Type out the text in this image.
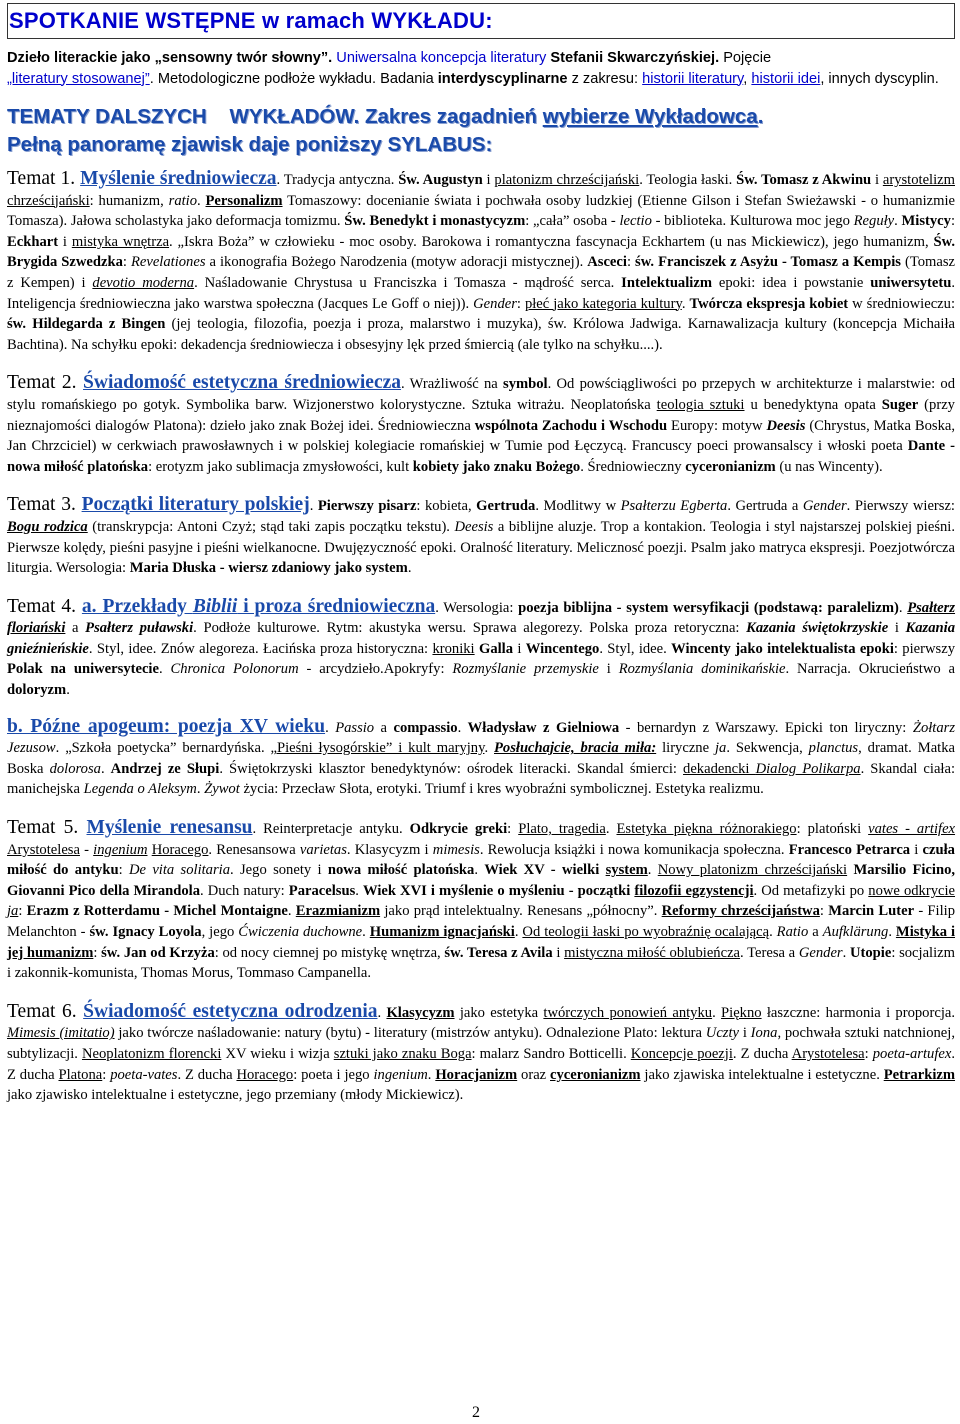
SPOTKANIE WSTĘPNE w ramach WYKŁADU:
Dzieło literackie jako „sensowny twór słowny”. Uniwersalna koncepcja literatury Stefanii Skwarczyńskiej. Pojęcie
„literatury stosowanej”. Metodologiczne podłoże wykładu. Badania interdyscyplinarne z zakresu: historii literatury, historii idei, innych dyscyplin.
TEMATY DALSZYCH    WYKŁADÓW. Zakres zagadnień wybierze Wykładowca.
Pełną panoramę zjawisk daje poniższy SYLABUS:
Temat 1. Myślenie średniowiecza. Tradycja antyczna. Św. Augustyn i platonizm chrześcijański. Teologia łaski. Św. Tomasz z Akwinu i arystotelizm chrześcijański: humanizm, ratio. Personalizm Tomaszowy: docenianie świata i pochwała osoby ludzkiej (Etienne Gilson i Stefan Swieżawski - o humanizmie Tomasza). Jałowa scholastyka jako deformacja tomizmu. Św. Benedykt i monastycyzm: „cała” osoba - lectio - biblioteka. Kulturowa moc jego Reguły. Mistycy: Eckhart i mistyka wnętrza. „Iskra Boża” w człowieku - moc osoby. Barokowa i romantyczna fascynacja Eckhartem (u nas Mickiewicz), jego humanizm, Św. Brygida Szwedzka: Revelationes a ikonografia Bożego Narodzenia (motyw adoracji mistycznej). Asceci: św. Franciszek z Asyżu - Tomasz a Kempis (Tomasz z Kempen) i devotio moderna. Naśladowanie Chrystusa u Franciszka i Tomasza - mądrość serca. Intelektualizm epoki: idea i powstanie uniwersytetu. Inteligencja średniowieczna jako warstwa społeczna (Jacques Le Goff o niej)). Gender: płeć jako kategoria kultury. Twórcza ekspresja kobiet w średniowieczu: św. Hildegarda z Bingen (jej teologia, filozofia, poezja i proza, malarstwo i muzyka), św. Królowa Jadwiga. Karnawalizacja kultury (koncepcja Michaiła Bachtina). Na schyłku epoki: dekadencja średniowiecza i obsesyjny lęk przed śmiercią (ale tylko na schyłku....).
Temat 2. Świadomość estetyczna średniowiecza. Wrażliwość na symbol. Od powściągliwości po przepych w architekturze i malarstwie: od stylu romańskiego po gotyk. Symbolika barw. Wizjonerstwo kolorystyczne. Sztuka witrażu. Neoplatońska teologia sztuki u benedyktyna opata Suger (przy nieznajomości dialogów Platona): dzieło jako znak Bożej idei. Średniowieczna wspólnota Zachodu i Wschodu Europy: motyw Deesis (Chrystus, Matka Boska, Jan Chrzciciel) w cerkwiach prawosławnych i w polskiej kolegiacie romańskiej w Tumie pod Łęczycą. Francuscy poeci prowansalscy i włoski poeta Dante - nowa miłość platońska: erotyzm jako sublimacja zmysłowości, kult kobiety jako znaku Bożego. Średniowieczny cyceronianizm (u nas Wincenty).
Temat 3. Początki literatury polskiej. Pierwszy pisarz: kobieta, Gertruda. Modlitwy w Psałterzu Egberta. Gertruda a Gender. Pierwszy wiersz: Bogu rodzica (transkrypcja: Antoni Czyż; stąd taki zapis początku tekstu). Deesis a biblijne aluzje. Trop a kontakion. Teologia i styl najstarszej polskiej pieśni. Pierwsze kolędy, pieśni pasyjne i pieśni wielkanocne. Dwujęzyczność epoki. Oralność literatury. Melicznosć poezji. Psalm jako matryca ekspresji. Poezjotwórcza liturgia. Wersologia: Maria Dłuska - wiersz zdaniowy jako system.
Temat 4. a. Przekłady Biblii i proza średniowieczna. Wersologia: poezja biblijna - system wersyfikacji (podstawą: paralelizm). Psałterz floriański a Psałterz puławski. Podłoże kulturowe. Rytm: akustyka wersu. Sprawa alegorezy. Polska proza retoryczna: Kazania świętokrzyskie i Kazania gnieźnieńskie. Styl, idee. Znów alegoreza. Łacińska proza historyczna: kroniki Galla i Wincentego. Styl, idee. Wincenty jako intelektualista epoki: pierwszy Polak na uniwersytecie. Chronica Polonorum - arcydzieło.Apokryfy: Rozmyślanie przemyskie i Rozmyślania dominikańskie. Narracja. Okrucieństwo a doloryzm.
b. Późne apogeum: poezja XV wieku. Passio a compassio. Władysław z Gielniowa - bernardyn z Warszawy. Epicki ton liryczny: Żołtarz Jezusow. „Szkoła poetycka” bernardyńska. „Pieśni łysogórskie” i kult maryjny. Posłuchajcie, bracia miła: liryczne ja. Sekwencja, planctus, dramat. Matka Boska dolorosa. Andrzej ze Słupi. Świętokrzyski klasztor benedyktynów: ośrodek literacki. Skandal śmierci: dekadencki Dialog Polikarpa. Skandal ciała: manichejska Legenda o Aleksym. Żywot życia: Przecław Słota, erotyki. Triumf i kres wyobraźni symbolicznej. Estetyka realizmu.
Temat 5. Myślenie renesansu. Reinterpretacje antyku. Odkrycie greki: Plato, tragedia. Estetyka piękna różnorakiego: platoński vates - artifex Arystotelesa - ingenium Horacego. Renesansowa varietas. Klasycyzm i mimesis. Rewolucja książki i nowa komunikacja społeczna. Francesco Petrarca i czuła miłość do antyku: De vita solitaria. Jego sonety i nowa miłość platońska. Wiek XV - wielki system. Nowy platonizm chrześcijański Marsilio Ficino, Giovanni Pico della Mirandola. Duch natury: Paracelsus. Wiek XVI i myślenie o myśleniu - początki filozofii egzystencji. Od metafizyki po nowe odkrycie ja: Erazm z Rotterdamu - Michel Montaigne. Erazmianizm jako prąd intelektualny. Renesans „północny”. Reformy chrześcijaństwa: Marcin Luter - Filip Melanchton - św. Ignacy Loyola, jego Ćwiczenia duchowne. Humanizm ignacjański. Od teologii łaski po wyobraźnię ocalającą. Ratio a Aufklärung. Mistyka i jej humanizm: św. Jan od Krzyża: od nocy ciemnej po mistykę wnętrza, św. Teresa z Avila i mistyczna miłość oblubieńcza. Teresa a Gender. Utopie: socjalizm i zakonnik-komunista, Thomas Morus, Tommaso Campanella.
Temat 6. Świadomość estetyczna odrodzenia. Klasycyzm jako estetyka twórczych ponowień antyku. Piękno łaszczne: harmonia i proporcja. Mimesis (imitatio) jako twórcze naśladowanie: natury (bytu) - literatury (mistrzów antyku). Odnalezione Plato: lektura Uczty i Iona, pochwała sztuki natchnionej, subtylizacji. Neoplatonizm florencki XV wieku i wizja sztuki jako znaku Boga: malarz Sandro Botticelli. Koncepcje poezji. Z ducha Arystotelesa: poeta-artufex. Z ducha Platona: poeta-vates. Z ducha Horacego: poeta i jego ingenium. Horacjanizm oraz cyceronianizm jako zjawiska intelektualne i estetyczne. Petrarkizm jako zjawisko intelektualne i estetyczne, jego przemiany (młody Mickiewicz).
2
